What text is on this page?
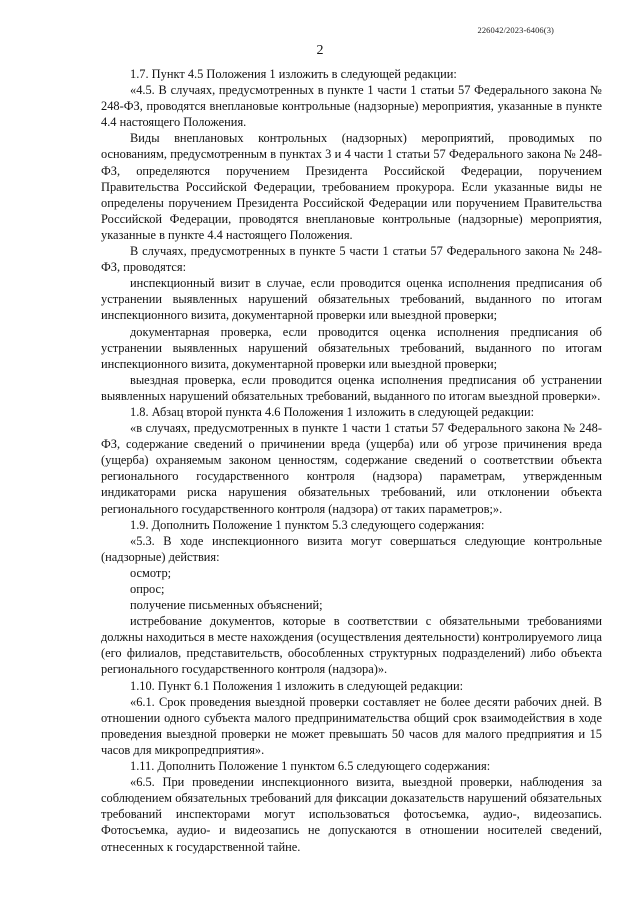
226042/2023-6406(3)
2

1.7. Пункт 4.5 Положения 1 изложить в следующей редакции:

«4.5. В случаях, предусмотренных в пункте 1 части 1 статьи 57 Федерального закона № 248-ФЗ, проводятся внеплановые контрольные (надзорные) мероприятия, указанные в пункте 4.4 настоящего Положения.

Виды внеплановых контрольных (надзорных) мероприятий, проводимых по основаниям, предусмотренным в пунктах 3 и 4 части 1 статьи 57 Федерального закона № 248-ФЗ, определяются поручением Президента Российской Федерации, поручением Правительства Российской Федерации, требованием прокурора. Если указанные виды не определены поручением Президента Российской Федерации или поручением Правительства Российской Федерации, проводятся внеплановые контрольные (надзорные) мероприятия, указанные в пункте 4.4 настоящего Положения.

В случаях, предусмотренных в пункте 5 части 1 статьи 57 Федерального закона № 248-ФЗ, проводятся:

инспекционный визит в случае, если проводится оценка исполнения предписания об устранении выявленных нарушений обязательных требований, выданного по итогам инспекционного визита, документарной проверки или выездной проверки;

документарная проверка, если проводится оценка исполнения предписания об устранении выявленных нарушений обязательных требований, выданного по итогам инспекционного визита, документарной проверки или выездной проверки;

выездная проверка, если проводится оценка исполнения предписания об устранении выявленных нарушений обязательных требований, выданного по итогам выездной проверки».

1.8. Абзац второй пункта 4.6 Положения 1 изложить в следующей редакции:

«в случаях, предусмотренных в пункте 1 части 1 статьи 57 Федерального закона № 248-ФЗ, содержание сведений о причинении вреда (ущерба) или об угрозе причинения вреда (ущерба) охраняемым законом ценностям, содержание сведений о соответствии объекта регионального государственного контроля (надзора) параметрам, утвержденным индикаторами риска нарушения обязательных требований, или отклонении объекта регионального государственного контроля (надзора) от таких параметров;».

1.9. Дополнить Положение 1 пунктом 5.3 следующего содержания:

«5.3. В ходе инспекционного визита могут совершаться следующие контрольные (надзорные) действия:

осмотр;

опрос;

получение письменных объяснений;

истребование документов, которые в соответствии с обязательными требованиями должны находиться в месте нахождения (осуществления деятельности) контролируемого лица (его филиалов, представительств, обособленных структурных подразделений) либо объекта регионального государственного контроля (надзора)».

1.10. Пункт 6.1 Положения 1 изложить в следующей редакции:

«6.1. Срок проведения выездной проверки составляет не более десяти рабочих дней. В отношении одного субъекта малого предпринимательства общий срок взаимодействия в ходе проведения выездной проверки не может превышать 50 часов для малого предприятия и 15 часов для микропредприятия».

1.11. Дополнить Положение 1 пунктом 6.5 следующего содержания:

«6.5. При проведении инспекционного визита, выездной проверки, наблюдения за соблюдением обязательных требований для фиксации доказательств нарушений обязательных требований инспекторами могут использоваться фотосъемка, аудио-, видеозапись. Фотосъемка, аудио- и видеозапись не допускаются в отношении носителей сведений, отнесенных к государственной тайне.
